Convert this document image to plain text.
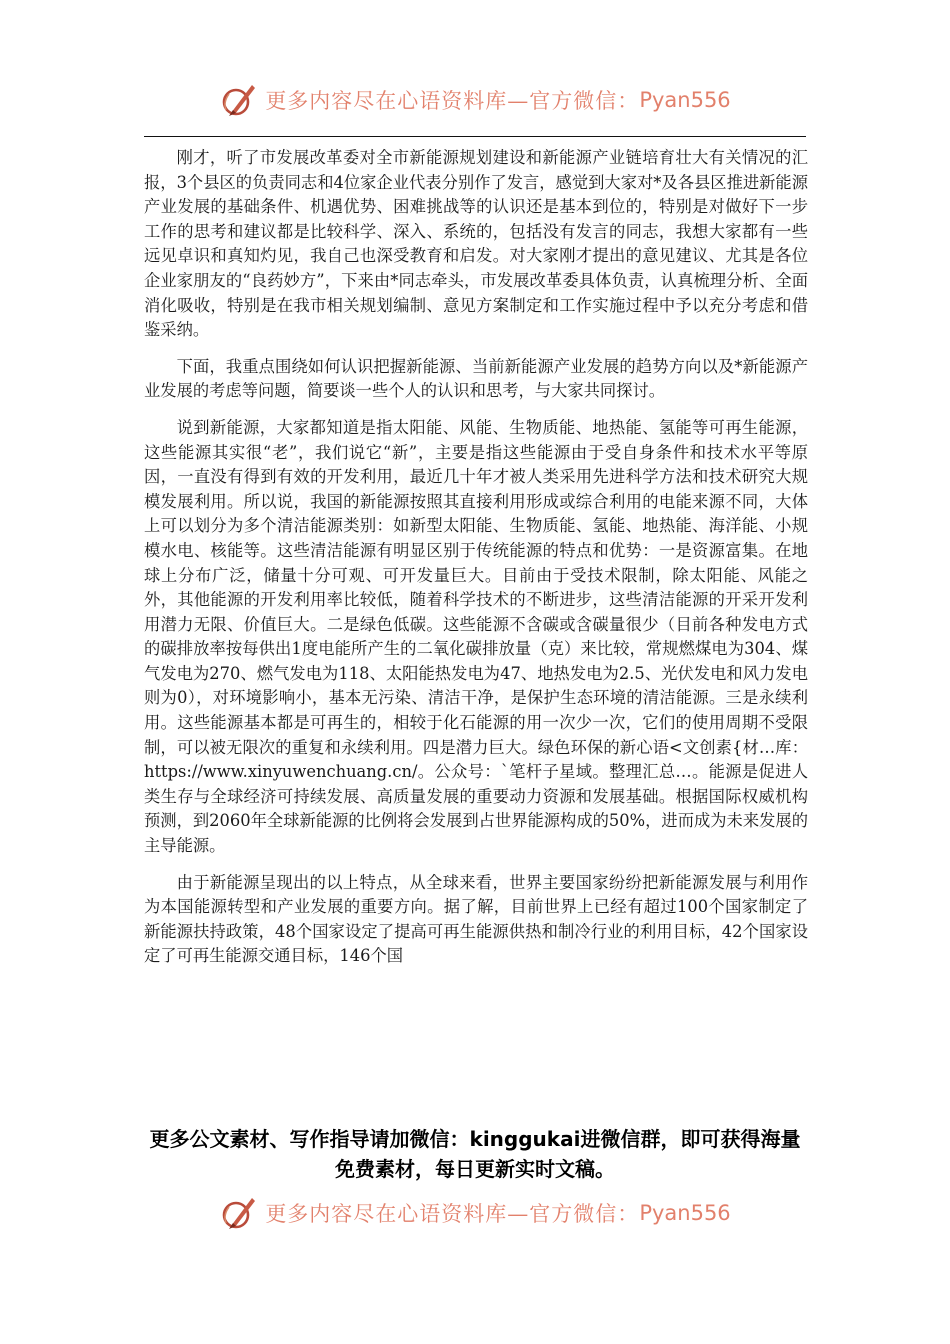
更多内容尽在心语资料库—官方微信： Pyan556

刚才，听了市发展改革委对全市新能源规划建设和新能源产业链培育壮大有关情况的汇报，3个县区的负责同志和4位家企业代表分别作了发言，感觉到大家对*及各县区推进新能源产业发展的基础条件、机遇优势、困难挑战等的认识还是基本到位的，特别是对做好下一步工作的思考和建议都是比较科学、深入、系统的，包括没有发言的同志，我想大家都有一些远见卓识和真知灼见，我自己也深受教育和启发。对大家刚才提出的意见建议、尤其是各位企业家朋友的“良药妙方”，下来由*同志牵头，市发展改革委具体负责，认真梳理分析、全面消化吸收，特别是在我市相关规划编制、意见方案制定和工作实施过程中予以充分考虑和借鉴采纳。

下面，我重点围绕如何认识把握新能源、当前新能源产业发展的趋势方向以及*新能源产业发展的考虑等问题，简要谈一些个人的认识和思考，与大家共同探讨。

说到新能源，大家都知道是指太阳能、风能、生物质能、地热能、氢能等可再生能源，这些能源其实很“老”，我们说它“新”，主要是指这些能源由于受自身条件和技术水平等原因，一直没有得到有效的开发利用，最近几十年才被人类采用先进科学方法和技术研究大规模发展利用。所以说，我国的新能源按照其直接利用形成或综合利用的电能来源不同，大体上可以划分为多个清洁能源类别：如新型太阳能、生物质能、氢能、地热能、海洋能、小规模水电、核能等。这些清洁能源有明显区别于传统能源的特点和优势：一是资源富集。在地球上分布广泛，储量十分可观、可开发量巨大。目前由于受技术限制，除太阳能、风能之外，其他能源的开发利用率比较低，随着科学技术的不断进步，这些清洁能源的开采开发利用潜力无限、价值巨大。二是绿色低碳。这些能源不含碳或含碳量很少（目前各种发电方式的碳排放率按每供出1度电能所产生的二氧化碳排放量（克）来比较，常规燃煤电为304、煤气发电为270、燃气发电为118、太阳能热发电为47、地热发电为2.5、光伏发电和风力发电则为0），对环境影响小，基本无污染、清洁干净，是保护生态环境的清洁能源。三是永续利用。这些能源基本都是可再生的，相较于化石能源的用一次少一次，它们的使用周期不受限制，可以被无限次的重复和永续利用。四是潜力巨大。绿色环保的新心语<文创素{材…库：https://www.xinyuwenchuang.cn/。公众号：`笔杆子星域。整理汇总…。能源是促进人类生存与全球经济可持续发展、高质量发展的重要动力资源和发展基础。根据国际权威机构预测，到2060年全球新能源的比例将会发展到占世界能源构成的50%，进而成为未来发展的主导能源。

由于新能源呈现出的以上特点，从全球来看，世界主要国家纷纷把新能源发展与利用作为本国能源转型和产业发展的重要方向。据了解，目前世界上已经有超过100个国家制定了新能源扶持政策，48个国家设定了提高可再生能源供热和制冷行业的利用目标，42个国家设定了可再生能源交通目标，146个国

更多公文素材、写作指导请加微信：kinggukai进微信群，即可获得海量免费素材，每日更新实时文稿。
更多内容尽在心语资料库—官方微信： Pyan556
